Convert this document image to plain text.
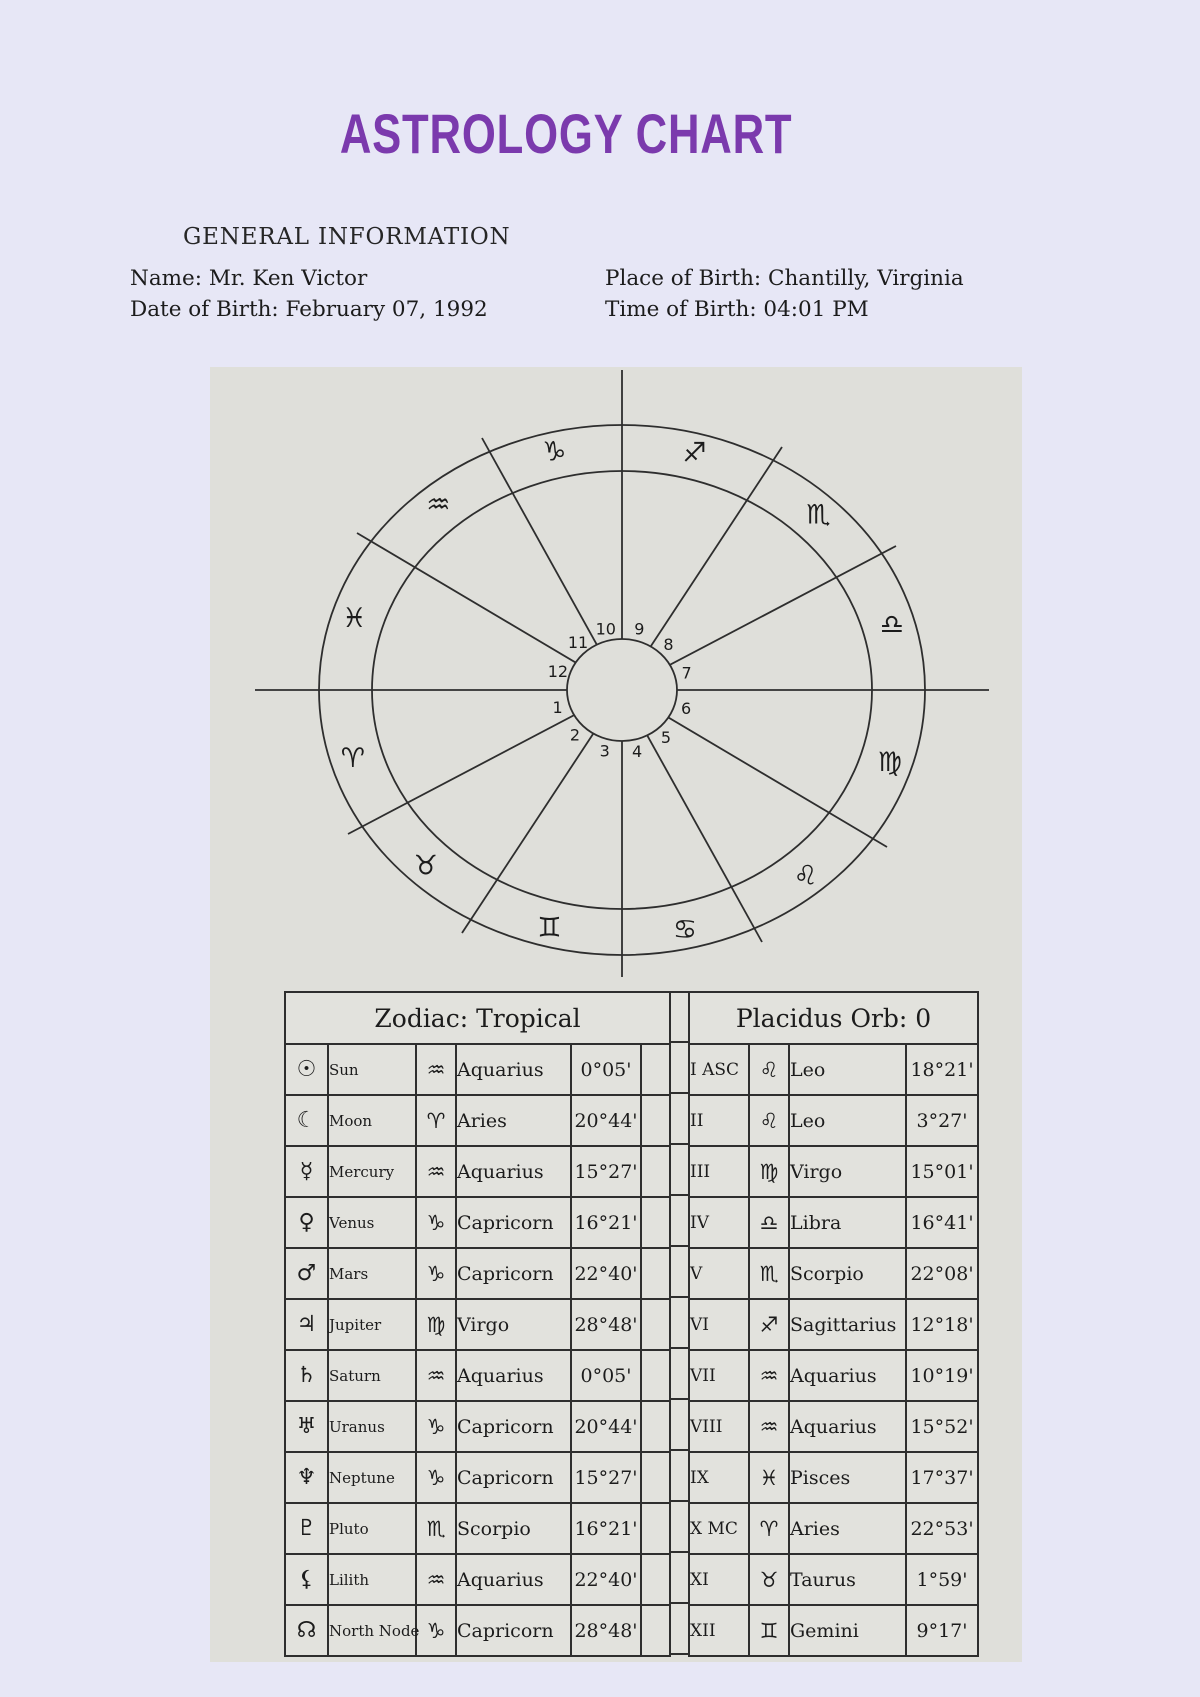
ASTROLOGY CHART
GENERAL INFORMATION
Name: Mr. Ken Victor
Date of Birth: February 07, 1992
Place of Birth: Chantilly, Virginia
Time of Birth: 04:01 PM
♎
♏
♐
♑
♒
♓
♈
♉
♊	♋
♌
♍
1
2
3 4
5
6
7
8
9
10
11
12
Zodiac: Tropical					
☉	Sun	♒	Aquarius	0°05'	
☾	Moon	♈	Aries	20°44'	
☿	Mercury	♒	Aquarius	15°27'	
♀	Venus	♑	Capricorn	16°21'	
♂	Mars	♑	Capricorn	22°40'	
♃	Jupiter	♍	Virgo	28°48'	
♄	Saturn	♒	Aquarius	0°05'	
♅	Uranus	♑	Capricorn	20°44'	
♆	Neptune	♑	Capricorn	15°27'	
♇	Pluto	♏	Scorpio	16°21'	
⚸	Lilith	♒	Aquarius	22°40'	
☊	North Node	♑	Capricorn	28°48'	

Placidus Orb: 0			
I ASC	♌	Leo	18°21'
II	♌	Leo	3°27'
III	♍	Virgo	15°01'
IV	♎	Libra	16°41'
V	♏	Scorpio	22°08'
VI	♐	Sagittarius	12°18'
VII	♒	Aquarius	10°19'
VIII	♒	Aquarius	15°52'
IX	♓	Pisces	17°37'
X MC	♈	Aries	22°53'
XI	♉	Taurus	1°59'
XII	♊	Gemini	9°17'
